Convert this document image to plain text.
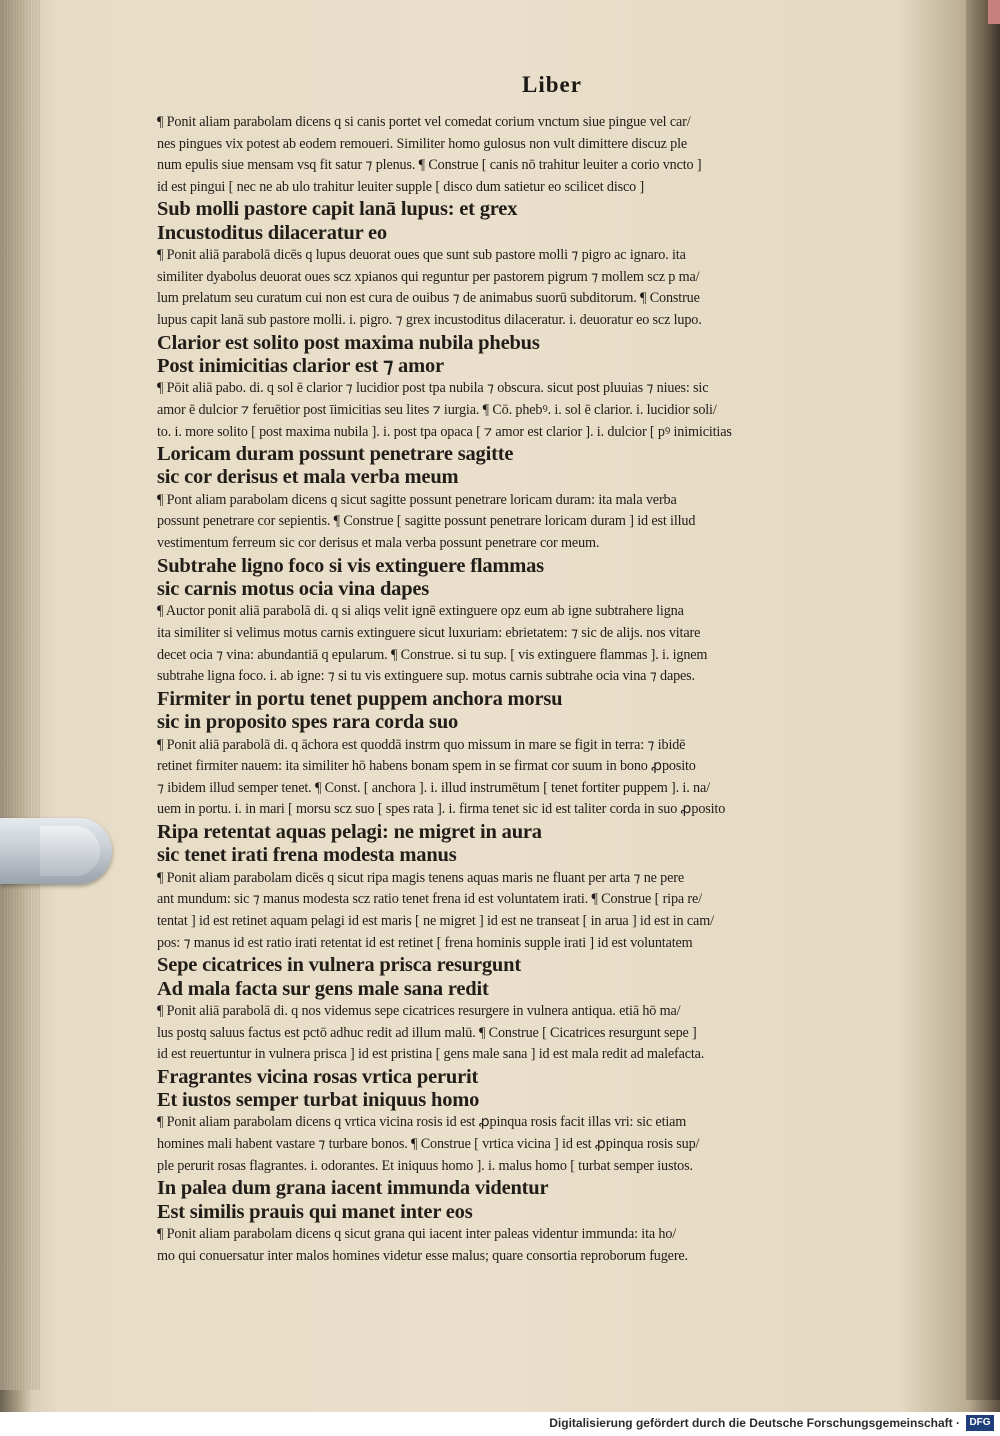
Liber
¶ Ponit aliam parabolam dicens q si canis portet vel comedat corium vnctum siue pingue vel car/
nes pingues vix potest ab eodem remoueri. Similiter homo gulosus non vult dimittere discuz ple
num epulis siue mensam vsq fit satur ⁊ plenus. ¶ Construe [ canis nō trahitur leuiter a corio vncto ]
id est pingui [ nec ne ab ulo trahitur leuiter supple [ disco dum satietur eo scilicet disco ]
Sub molli pastore capit lanā lupus: et grex
Incustoditus dilaceratur eo
¶ Ponit aliā parabolā dicēs q lupus deuorat oues que sunt sub pastore molli ⁊ pigro ac ignaro. ita
similiter dyabolus deuorat oues scz xpianos qui reguntur per pastorem pigrum ⁊ mollem scz p ma/
lum prelatum seu curatum cui non est cura de ouibus ⁊ de animabus suorū subditorum. ¶ Construe
lupus capit lanā sub pastore molli. i. pigro. ⁊ grex incustoditus dilaceratur. i. deuoratur eo scz lupo.
Clarior est solito post maxima nubila phebus
Post inimicitias clarior est ⁊ amor
¶ Pōit aliā pabo. di. q sol ē clarior ⁊ lucidior post tpa nubila ⁊ obscura. sicut post pluuias ⁊ niues: sic
amor ē dulcior ⁊ feruētior post īimicitias seu lites ⁊ iurgia. ¶ Cō. phebꝰ. i. sol ē clarior. i. lucidior soli/
to. i. more solito [ post maxima nubila ]. i. post tpa opaca [ ⁊ amor est clarior ]. i. dulcior [ pꝰ inimicitias
Loricam duram possunt penetrare sagitte
sic cor derisus et mala verba meum
¶ Pont aliam parabolam dicens q sicut sagitte possunt penetrare loricam duram: ita mala verba
possunt penetrare cor sepientis. ¶ Construe [ sagitte possunt penetrare loricam duram ] id est illud
vestimentum ferreum sic cor derisus et mala verba possunt penetrare cor meum.
Subtrahe ligno foco si vis extinguere flammas
sic carnis motus ocia vina dapes
¶ Auctor ponit aliā parabolā di. q si aliqs velit ignē extinguere opz eum ab igne subtrahere ligna
ita similiter si velimus motus carnis extinguere sicut luxuriam: ebrietatem: ⁊ sic de alijs. nos vitare
decet ocia ⁊ vina: abundantiā q epularum. ¶ Construe. si tu sup. [ vis extinguere flammas ]. i. ignem
subtrahe ligna foco. i. ab igne: ⁊ si tu vis extinguere sup. motus carnis subtrahe ocia vina ⁊ dapes.
Firmiter in portu tenet puppem anchora morsu
sic in proposito spes rara corda suo
¶ Ponit aliā parabolā di. q āchora est quoddā instrm quo missum in mare se figit in terra: ⁊ ibidē
retinet firmiter nauem: ita similiter hō habens bonam spem in se firmat cor suum in bono ꝓposito
⁊ ibidem illud semper tenet. ¶ Const. [ anchora ]. i. illud instrumētum [ tenet fortiter puppem ]. i. na/
uem in portu. i. in mari [ morsu scz suo [ spes rata ]. i. firma tenet sic id est taliter corda in suo ꝓposito
Ripa retentat aquas pelagi: ne migret in aura
sic tenet irati frena modesta manus
¶ Ponit aliam parabolam dicēs q sicut ripa magis tenens aquas maris ne fluant per arta ⁊ ne pere
ant mundum: sic ⁊ manus modesta scz ratio tenet frena id est voluntatem irati. ¶ Construe [ ripa re/
tentat ] id est retinet aquam pelagi id est maris [ ne migret ] id est ne transeat [ in arua ] id est in cam/
pos: ⁊ manus id est ratio irati retentat id est retinet [ frena hominis supple irati ] id est voluntatem
Sepe cicatrices in vulnera prisca resurgunt
Ad mala facta sur gens male sana redit
¶ Ponit aliā parabolā di. q nos videmus sepe cicatrices resurgere in vulnera antiqua. etiā hō ma/
lus postq saluus factus est pctō adhuc redit ad illum malū. ¶ Construe [ Cicatrices resurgunt sepe ]
id est reuertuntur in vulnera prisca ] id est pristina [ gens male sana ] id est mala redit ad malefacta.
Fragrantes vicina rosas vrtica perurit
Et iustos semper turbat iniquus homo
¶ Ponit aliam parabolam dicens q vrtica vicina rosis id est ꝓpinqua rosis facit illas vri: sic etiam
homines mali habent vastare ⁊ turbare bonos. ¶ Construe [ vrtica vicina ] id est ꝓpinqua rosis sup/
ple perurit rosas flagrantes. i. odorantes. Et iniquus homo ]. i. malus homo [ turbat semper iustos.
In palea dum grana iacent immunda videntur
Est similis prauis qui manet inter eos
¶ Ponit aliam parabolam dicens q sicut grana qui iacent inter paleas videntur immunda: ita ho/
mo qui conuersatur inter malos homines videtur esse malus; quare consortia reproborum fugere.
Digitalisierung gefördert durch die Deutsche Forschungsgemeinschaft · DFG
